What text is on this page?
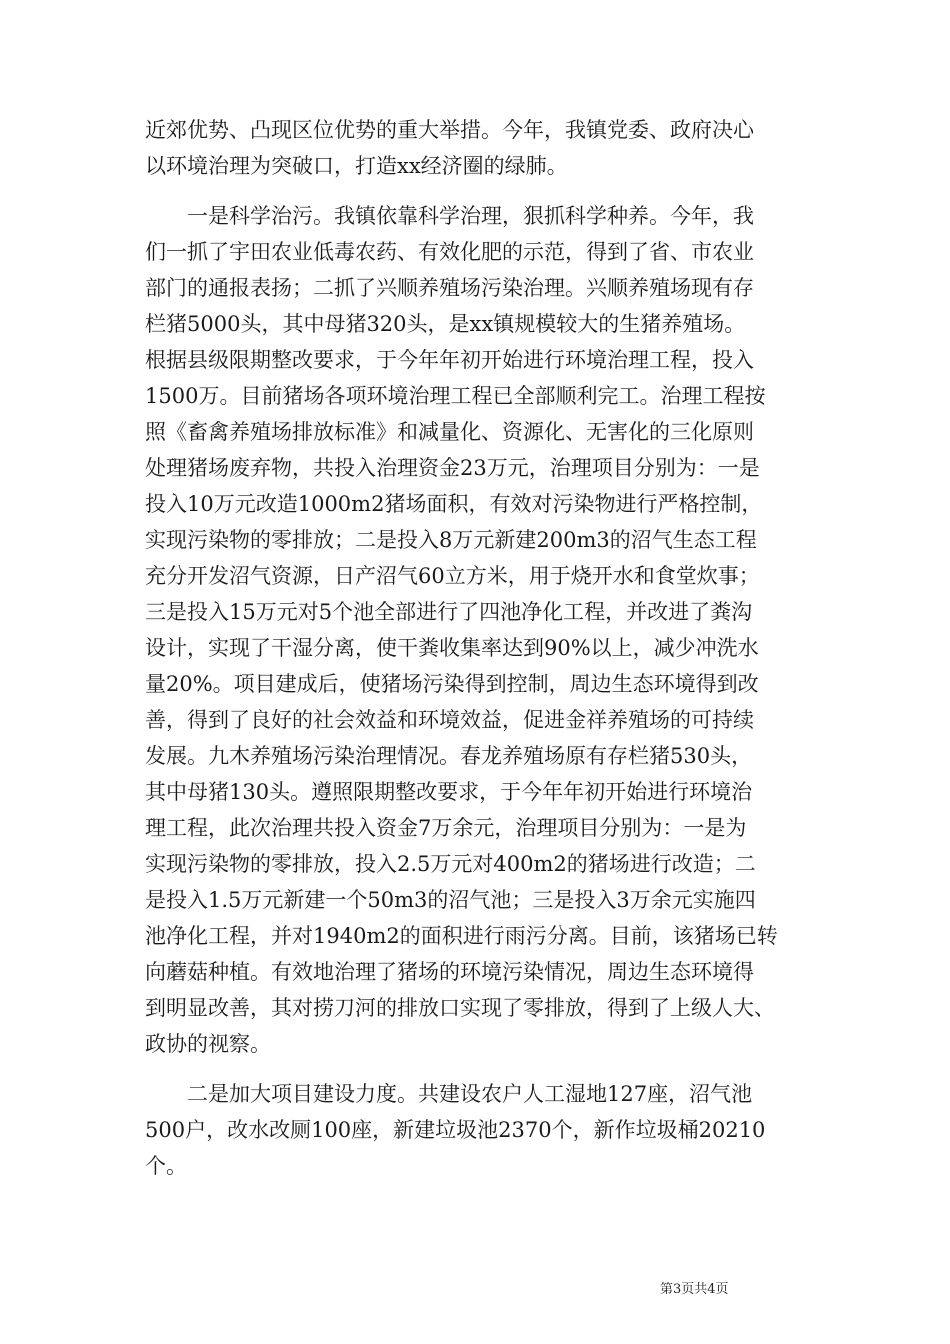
近郊优势、凸现区位优势的重大举措。今年，我镇党委、政府决心
以环境治理为突破口，打造xx经济圈的绿肺。
　　一是科学治污。我镇依靠科学治理，狠抓科学种养。今年，我
们一抓了宇田农业低毒农药、有效化肥的示范，得到了省、市农业
部门的通报表扬；二抓了兴顺养殖场污染治理。兴顺养殖场现有存
栏猪5000头，其中母猪320头，是xx镇规模较大的生猪养殖场。
根据县级限期整改要求，于今年年初开始进行环境治理工程，投入
1500万。目前猪场各项环境治理工程已全部顺利完工。治理工程按
照《畜禽养殖场排放标准》和减量化、资源化、无害化的三化原则
处理猪场废弃物，共投入治理资金23万元，治理项目分别为：一是
投入10万元改造1000m2猪场面积，有效对污染物进行严格控制，
实现污染物的零排放；二是投入8万元新建200m3的沼气生态工程
充分开发沼气资源，日产沼气60立方米，用于烧开水和食堂炊事；
三是投入15万元对5个池全部进行了四池净化工程，并改进了粪沟
设计，实现了干湿分离，使干粪收集率达到90%以上，减少冲洗水
量20%。项目建成后，使猪场污染得到控制，周边生态环境得到改
善，得到了良好的社会效益和环境效益，促进金祥养殖场的可持续
发展。九木养殖场污染治理情况。春龙养殖场原有存栏猪530头，
其中母猪130头。遵照限期整改要求，于今年年初开始进行环境治
理工程，此次治理共投入资金7万余元，治理项目分别为：一是为
实现污染物的零排放，投入2.5万元对400m2的猪场进行改造；二
是投入1.5万元新建一个50m3的沼气池；三是投入3万余元实施四
池净化工程，并对1940m2的面积进行雨污分离。目前，该猪场已转
向蘑菇种植。有效地治理了猪场的环境污染情况，周边生态环境得
到明显改善，其对捞刀河的排放口实现了零排放，得到了上级人大、
政协的视察。
　　二是加大项目建设力度。共建设农户人工湿地127座，沼气池
500户，改水改厕100座，新建垃圾池2370个，新作垃圾桶20210
个。
第3页共4页
